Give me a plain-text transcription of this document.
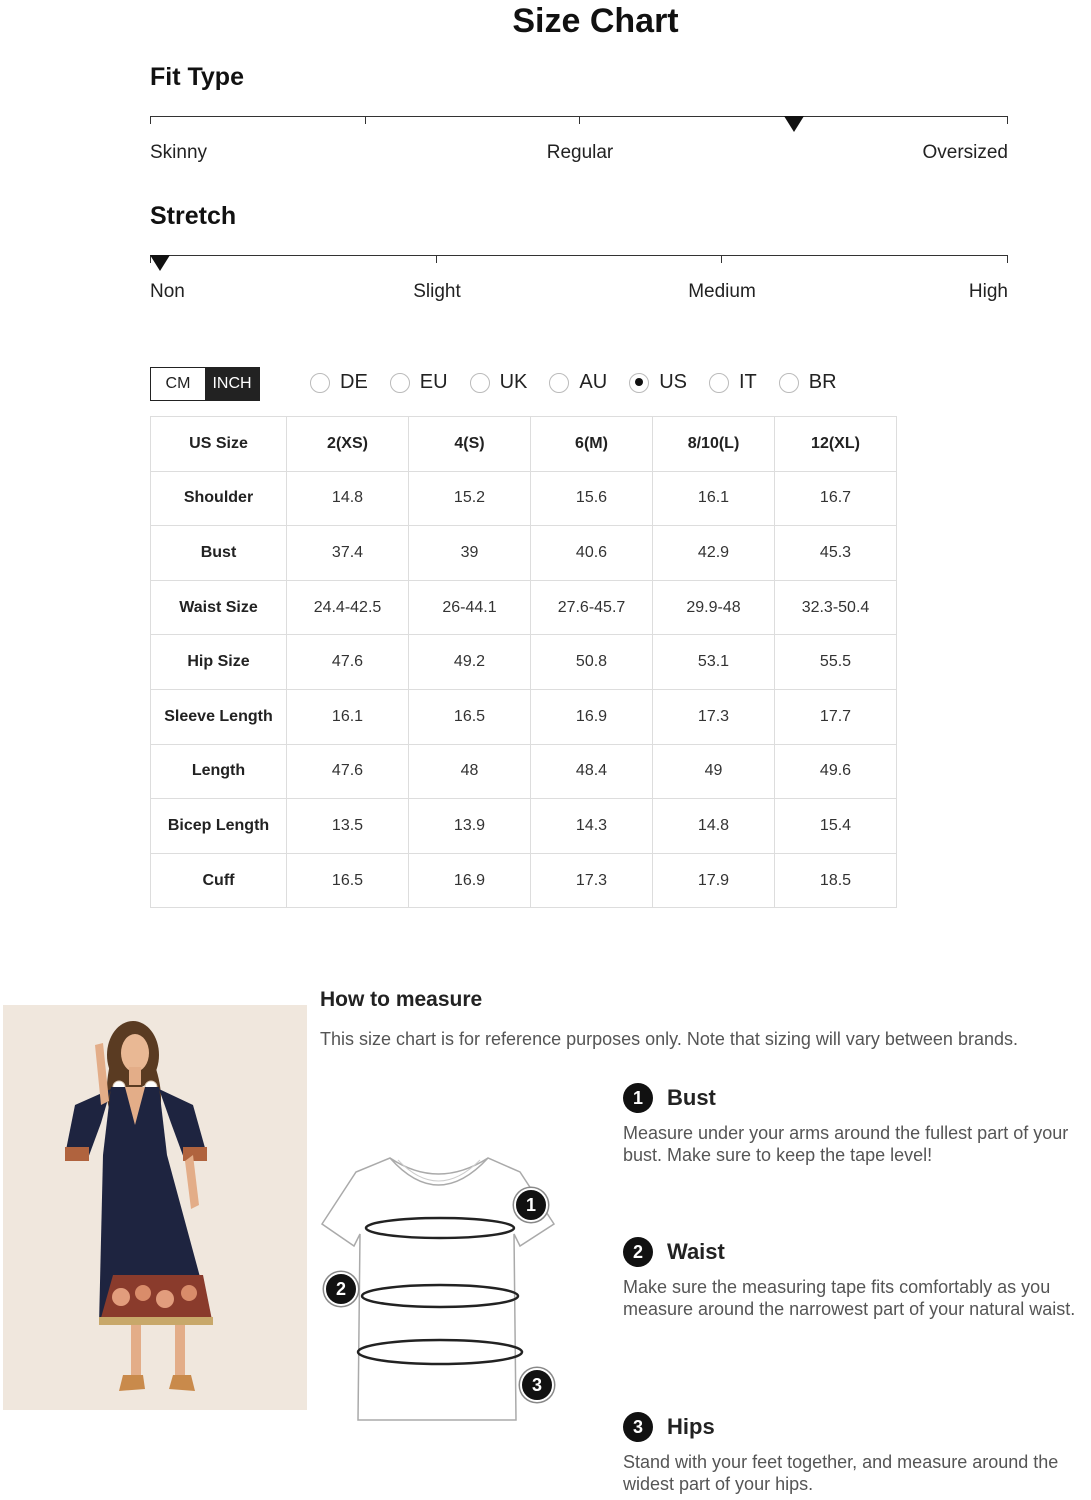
Size Chart
Fit Type
Skinny	Regular	Oversized
Stretch
Non	Slight	Medium	High
CM	INCH	DE	EU	UK	AU	US	IT	BR
US Size	2(XS)	4(S)	6(M)	8/10(L)	12(XL)
Shoulder	14.8	15.2	15.6	16.1	16.7
Bust	37.4	39	40.6	42.9	45.3
Waist Size	24.4-42.5	26-44.1	27.6-45.7	29.9-48	32.3-50.4
Hip Size	47.6	49.2	50.8	53.1	55.5
Sleeve Length	16.1	16.5	16.9	17.3	17.7
Length	47.6	48	48.4	49	49.6
Bicep Length	13.5	13.9	14.3	14.8	15.4
Cuff	16.5	16.9	17.3	17.9	18.5
How to measure
This size chart is for reference purposes only. Note that sizing will vary between brands.
1
2
3
1	Bust
Measure under your arms around the fullest part of your bust. Make sure to keep the tape level!
2	Waist
Make sure the measuring tape fits comfortably as you measure around the narrowest part of your natural waist.
3	Hips
Stand with your feet together, and measure around the widest part of your hips.
